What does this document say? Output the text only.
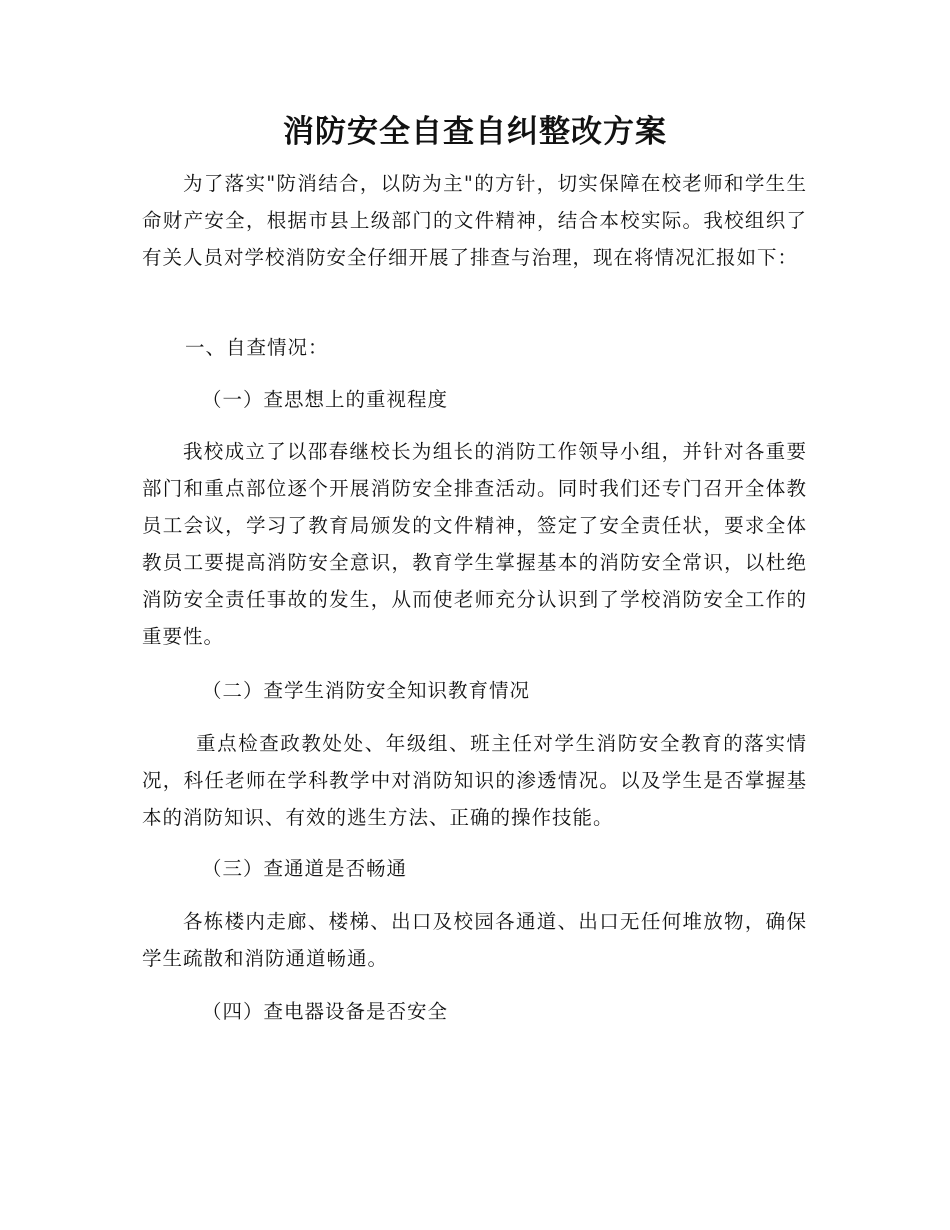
消防安全自查自纠整改方案

为了落实"防消结合，以防为主"的方针，切实保障在校老师和学生生命财产安全，根据市县上级部门的文件精神，结合本校实际。我校组织了有关人员对学校消防安全仔细开展了排查与治理，现在将情况汇报如下：

一、自查情况：

（一）查思想上的重视程度

我校成立了以邵春继校长为组长的消防工作领导小组，并针对各重要部门和重点部位逐个开展消防安全排查活动。同时我们还专门召开全体教员工会议，学习了教育局颁发的文件精神，签定了安全责任状，要求全体教员工要提高消防安全意识，教育学生掌握基本的消防安全常识，以杜绝消防安全责任事故的发生，从而使老师充分认识到了学校消防安全工作的重要性。

（二）查学生消防安全知识教育情况

重点检查政教处处、年级组、班主任对学生消防安全教育的落实情况，科任老师在学科教学中对消防知识的渗透情况。以及学生是否掌握基本的消防知识、有效的逃生方法、正确的操作技能。

（三）查通道是否畅通

各栋楼内走廊、楼梯、出口及校园各通道、出口无任何堆放物，确保学生疏散和消防通道畅通。

（四）查电器设备是否安全
